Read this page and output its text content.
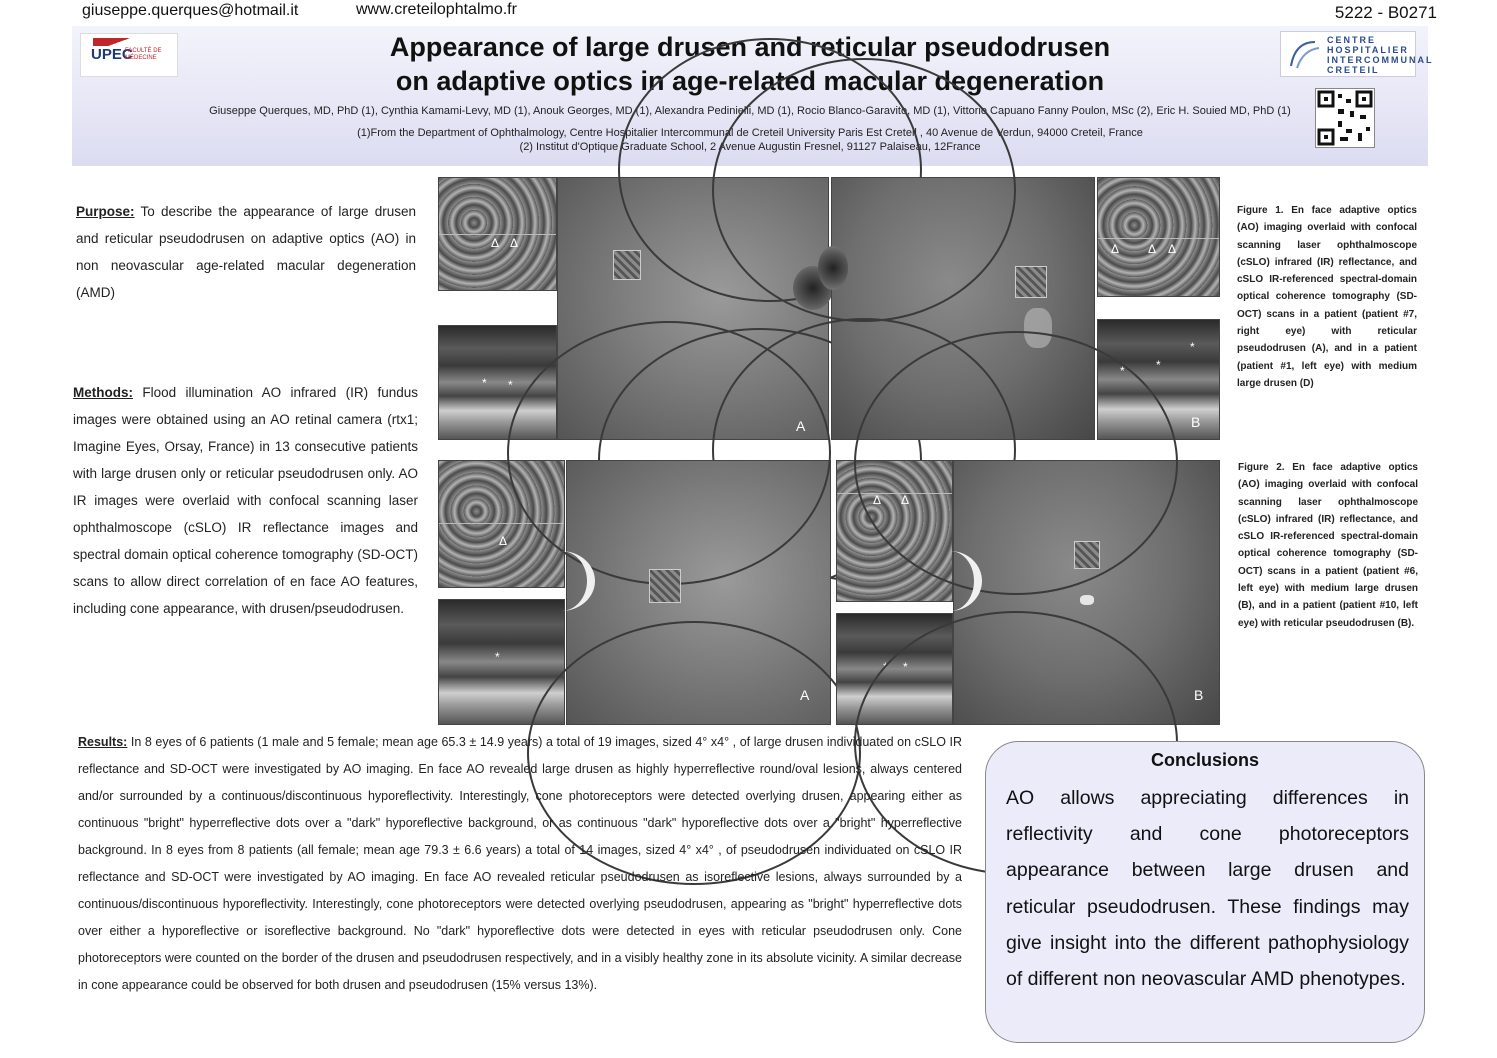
giuseppe.querques@hotmail.it	www.creteilophtalmo.fr	5222 - B0271
UPEC
FACULTÉ DE MÉDECINE	Appearance of large drusen and reticular pseudodrusen
on adaptive optics in age-related macular degeneration
CENTRE
HOSPITALIER
INTERCOMMUNAL
CRETEIL
Giuseppe Querques, MD, PhD (1), Cynthia Kamami-Levy, MD (1), Anouk Georges, MD (1), Alexandra Pedinielli, MD (1), Rocio Blanco-Garavito, MD (1), Vittorio Capuano Fanny Poulon, MSc (2), Eric H. Souied MD, PhD (1)
(1)From the Department of Ophthalmology, Centre Hospitalier Intercommunal de Creteil University Paris Est Creteil , 40 Avenue de Verdun, 94000 Creteil, France
(2) Institut d'Optique Graduate School, 2 Avenue Augustin Fresnel, 91127 Palaiseau, 12France
Purpose: To describe the appearance of large drusen and reticular pseudodrusen on adaptive optics (AO) in non neovascular age-related macular degeneration (AMD)
Methods: Flood illumination AO infrared (IR) fundus images were obtained using an AO retinal camera (rtx1; Imagine Eyes, Orsay, France) in 13 consecutive patients with large drusen only or reticular pseudodrusen only. AO IR images were overlaid with confocal scanning laser ophthalmoscope (cSLO) IR reflectance images and spectral domain optical coherence tomography (SD-OCT) scans to allow direct correlation of en face AO features, including cone appearance, with drusen/pseudodrusen.
Δ Δ
* *
A
Δ Δ Δ
*	*
*
B
Figure 1. En face adaptive optics (AO) imaging overlaid with confocal scanning laser ophthalmoscope (cSLO) infrared (IR) reflectance, and cSLO IR-referenced spectral-domain optical coherence tomography (SD-OCT) scans in a patient (patient #7, right eye) with reticular pseudodrusen (A), and in a patient (patient #1, left eye) with medium large drusen (D)
Δ
*
A
Δ Δ
* *
B
Figure 2. En face adaptive optics (AO) imaging overlaid with confocal scanning laser ophthalmoscope (cSLO) infrared (IR) reflectance, and cSLO IR-referenced spectral-domain optical coherence tomography (SD-OCT) scans in a patient (patient #6, left eye) with medium large drusen (B), and in a patient (patient #10, left eye) with reticular pseudodrusen (B).
Results: In 8 eyes of 6 patients (1 male and 5 female; mean age 65.3 ± 14.9 years) a total of 19 images, sized 4° x4° , of large drusen individuated on cSLO IR reflectance and SD-OCT were investigated by AO imaging. En face AO revealed large drusen as highly hyperreflective round/oval lesions, always centered and/or surrounded by a continuous/discontinuous hyporeflectivity. Interestingly, cone photoreceptors were detected overlying drusen, appearing either as continuous "bright" hyperreflective dots over a "dark" hyporeflective background, or as continuous "dark" hyporeflective dots over a "bright" hyperreflective background. In 8 eyes from 8 patients (all female; mean age 79.3 ± 6.6 years) a total of 14 images, sized 4° x4° , of pseudodrusen individuated on cSLO IR reflectance and SD-OCT were investigated by AO imaging. En face AO revealed reticular pseudodrusen as isoreflective lesions, always surrounded by a continuous/discontinuous hyporeflectivity. Interestingly, cone photoreceptors were detected overlying pseudodrusen, appearing as "bright" hyperreflective dots over either a hyporeflective or isoreflective background. No "dark" hyporeflective dots were detected in eyes with reticular pseudodrusen only. Cone photoreceptors were counted on the border of the drusen and pseudodrusen respectively, and in a visibly healthy zone in its absolute vicinity. A similar decrease in cone appearance could be observed for both drusen and pseudodrusen (15% versus 13%).
Conclusions
AO allows appreciating differences in reflectivity and cone photoreceptors appearance between large drusen and reticular pseudodrusen. These findings may give insight into the different pathophysiology of different non neovascular AMD phenotypes.
